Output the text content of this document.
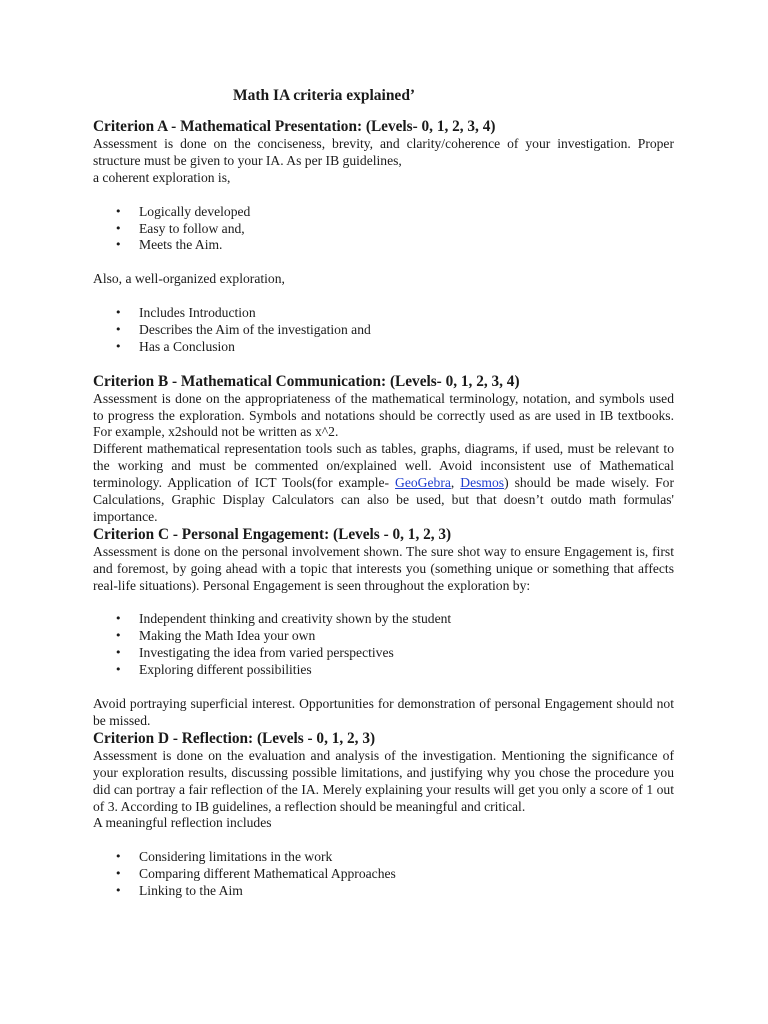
Math IA criteria explained’
Criterion A - Mathematical Presentation: (Levels- 0, 1, 2, 3, 4)

Assessment is done on the conciseness, brevity, and clarity/coherence of your investigation. Proper structure must be given to your IA. As per IB guidelines,

a coherent exploration is,

• Logically developed
• Easy to follow and,
• Meets the Aim.

Also, a well-organized exploration,

• Includes Introduction
• Describes the Aim of the investigation and
• Has a Conclusion
Criterion B - Mathematical Communication: (Levels- 0, 1, 2, 3, 4)

Assessment is done on the appropriateness of the mathematical terminology, notation, and symbols used to progress the exploration. Symbols and notations should be correctly used as are used in IB textbooks. For example, x2should not be written as x^2.

Different mathematical representation tools such as tables, graphs, diagrams, if used, must be relevant to the working and must be commented on/explained well. Avoid inconsistent use of Mathematical terminology. Application of ICT Tools(for example- GeoGebra, Desmos) should be made wisely. For Calculations, Graphic Display Calculators can also be used, but that doesn’t outdo math formulas' importance.

Criterion C - Personal Engagement: (Levels - 0, 1, 2, 3)

Assessment is done on the personal involvement shown. The sure shot way to ensure Engagement is, first and foremost, by going ahead with a topic that interests you (something unique or something that affects real-life situations). Personal Engagement is seen throughout the exploration by:

• Independent thinking and creativity shown by the student
• Making the Math Idea your own
• Investigating the idea from varied perspectives
• Exploring different possibilities

Avoid portraying superficial interest. Opportunities for demonstration of personal Engagement should not be missed.

Criterion D - Reflection: (Levels - 0, 1, 2, 3)

Assessment is done on the evaluation and analysis of the investigation. Mentioning the significance of your exploration results, discussing possible limitations, and justifying why you chose the procedure you did can portray a fair reflection of the IA. Merely explaining your results will get you only a score of 1 out of 3. According to IB guidelines, a reflection should be meaningful and critical.

A meaningful reflection includes

• Considering limitations in the work
• Comparing different Mathematical Approaches
• Linking to the Aim
